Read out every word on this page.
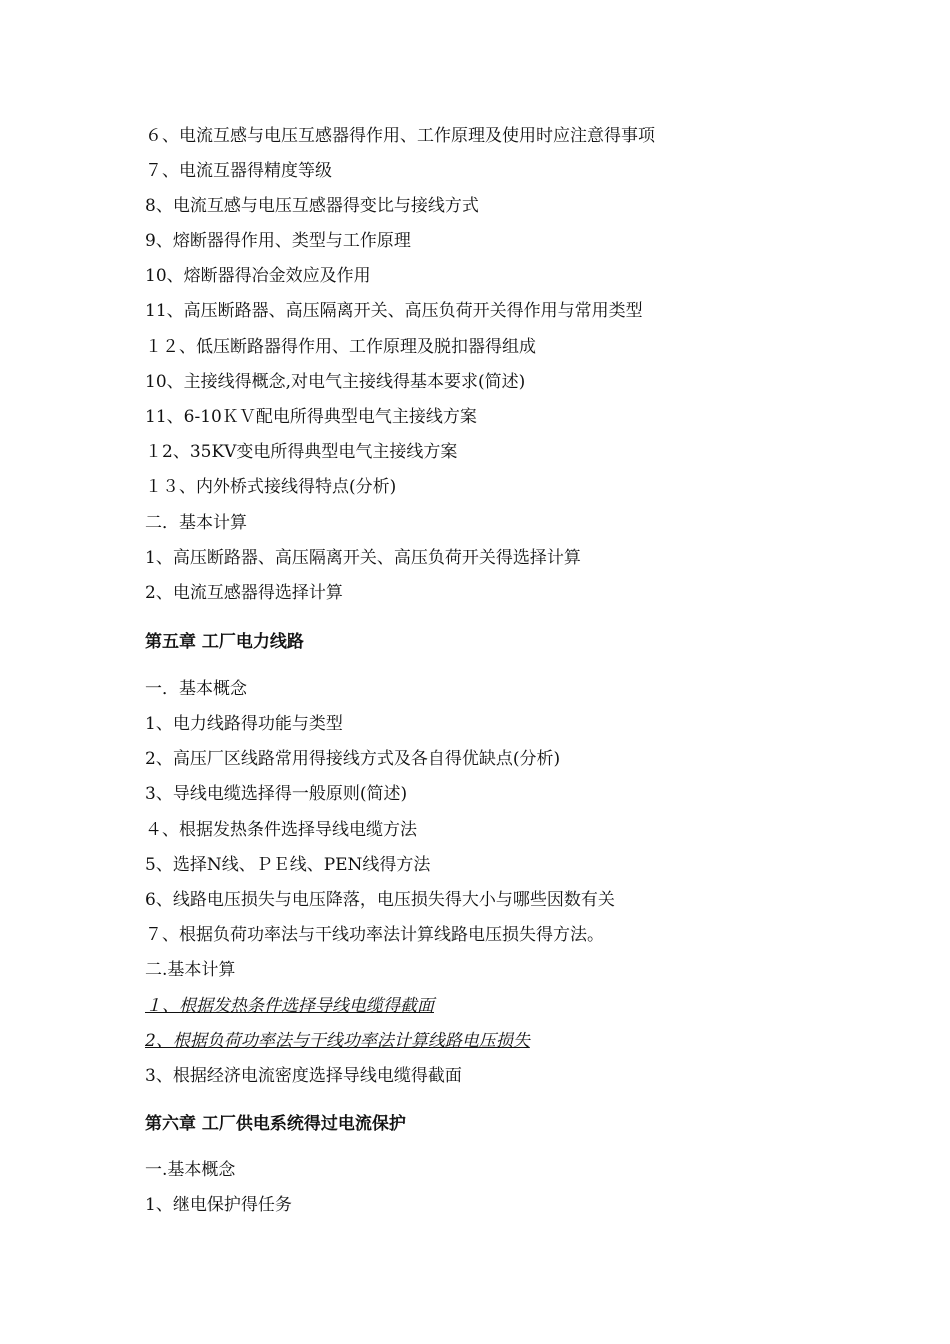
６、电流互感与电压互感器得作用、工作原理及使用时应注意得事项
７、电流互器得精度等级
8、电流互感与电压互感器得变比与接线方式
9、熔断器得作用、类型与工作原理
10、熔断器得冶金效应及作用
11、高压断路器、高压隔离开关、高压负荷开关得作用与常用类型
１２、低压断路器得作用、工作原理及脱扣器得组成
10、主接线得概念,对电气主接线得基本要求(简述)
11、6-10ＫＶ配电所得典型电气主接线方案
１2、35KV变电所得典型电气主接线方案
１３、内外桥式接线得特点(分析)
二．基本计算
1、高压断路器、高压隔离开关、高压负荷开关得选择计算
2、电流互感器得选择计算
第五章 工厂电力线路
一．基本概念
1、电力线路得功能与类型
2、高压厂区线路常用得接线方式及各自得优缺点(分析)
3、导线电缆选择得一般原则(简述)
４、根据发热条件选择导线电缆方法
5、选择N线、ＰＥ线、PEN线得方法
6、线路电压损失与电压降落，电压损失得大小与哪些因数有关
７、根据负荷功率法与干线功率法计算线路电压损失得方法。
二.基本计算
１、根据发热条件选择导线电缆得截面
2、根据负荷功率法与干线功率法计算线路电压损失
3、根据经济电流密度选择导线电缆得截面
第六章 工厂供电系统得过电流保护
一.基本概念
1、继电保护得任务
